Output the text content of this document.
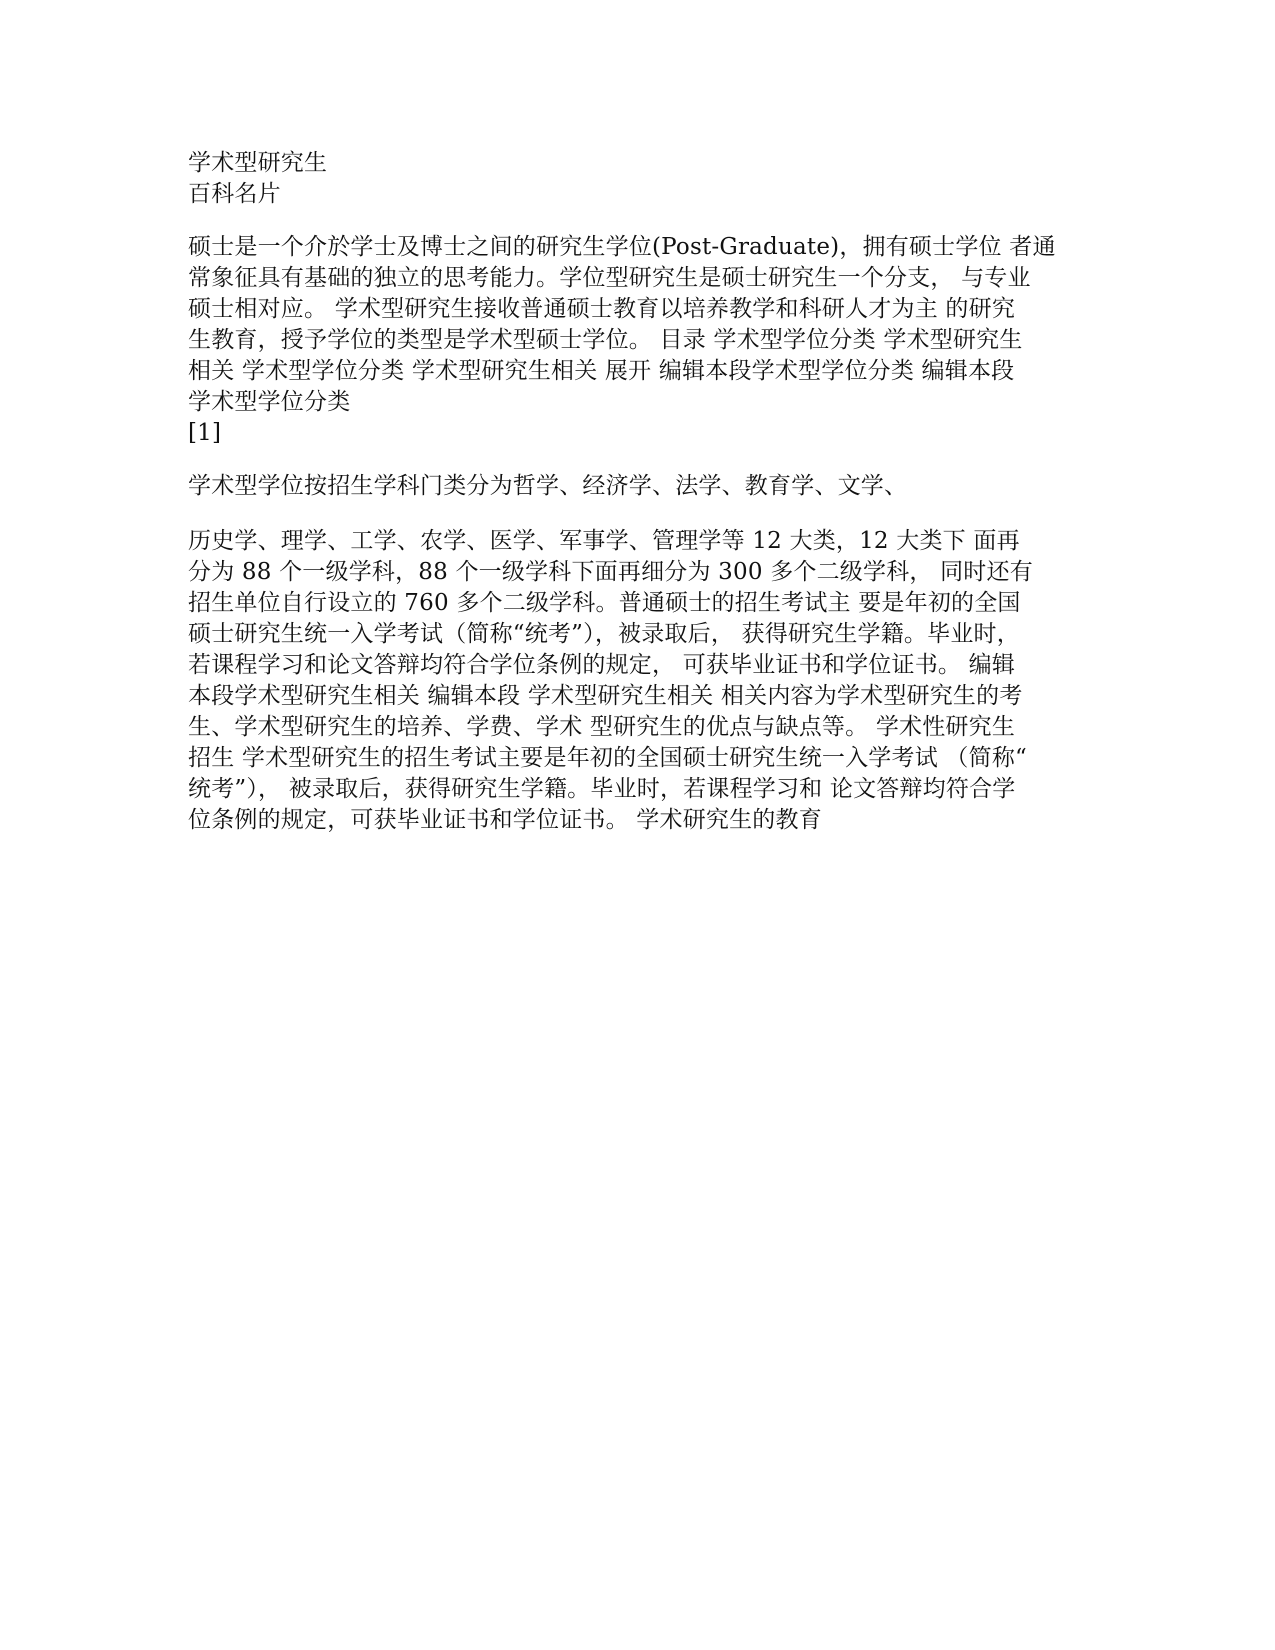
学术型研究生
百科名片
硕士是一个介於学士及博士之间的研究生学位(Post-Graduate)，拥有硕士学位 者通
常象征具有基础的独立的思考能力。学位型研究生是硕士研究生一个分支， 与专业
硕士相对应。 学术型研究生接收普通硕士教育以培养教学和科研人才为主 的研究
生教育，授予学位的类型是学术型硕士学位。 目录 学术型学位分类 学术型研究生
相关 学术型学位分类 学术型研究生相关 展开 编辑本段学术型学位分类 编辑本段
学术型学位分类
[1]
学术型学位按招生学科门类分为哲学、经济学、法学、教育学、文学、
历史学、理学、工学、农学、医学、军事学、管理学等 12 大类，12 大类下 面再
分为 88 个一级学科，88 个一级学科下面再细分为 300 多个二级学科， 同时还有
招生单位自行设立的 760 多个二级学科。普通硕士的招生考试主 要是年初的全国
硕士研究生统一入学考试（简称“统考”），被录取后， 获得研究生学籍。毕业时，
若课程学习和论文答辩均符合学位条例的规定， 可获毕业证书和学位证书。 编辑
本段学术型研究生相关 编辑本段 学术型研究生相关 相关内容为学术型研究生的考
生、学术型研究生的培养、学费、学术 型研究生的优点与缺点等。 学术性研究生
招生 学术型研究生的招生考试主要是年初的全国硕士研究生统一入学考试 （简称“
统考”）， 被录取后，获得研究生学籍。毕业时，若课程学习和 论文答辩均符合学
位条例的规定，可获毕业证书和学位证书。 学术研究生的教育
